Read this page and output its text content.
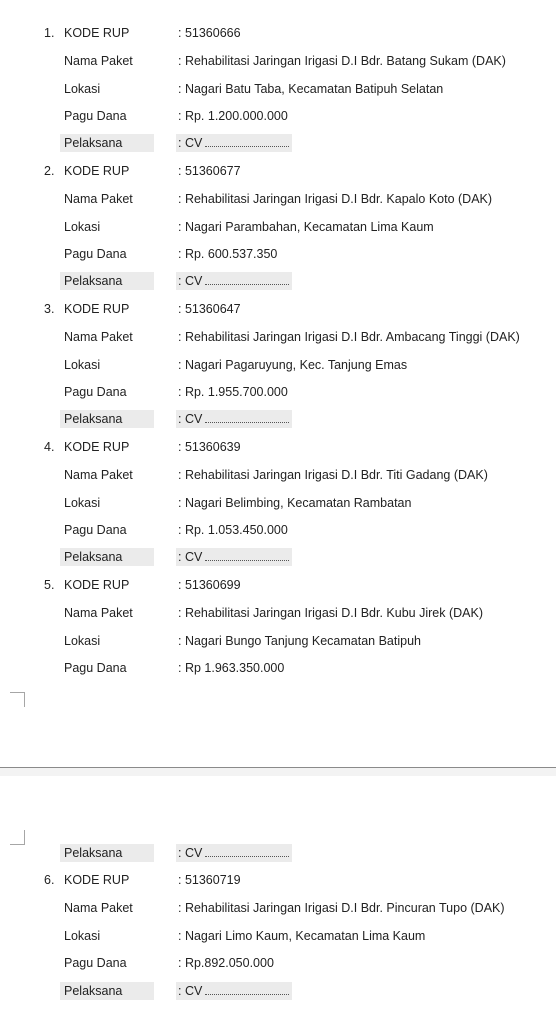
1. KODE RUP	: 51360666
Nama Paket	: Rehabilitasi Jaringan Irigasi D.I Bdr. Batang Sukam (DAK)
Lokasi	: Nagari Batu Taba, Kecamatan Batipuh Selatan
Pagu Dana	: Rp. 1.200.000.000
Pelaksana	: CV
2. KODE RUP	: 51360677
Nama Paket	: Rehabilitasi Jaringan Irigasi D.I Bdr. Kapalo Koto (DAK)
Lokasi	: Nagari Parambahan, Kecamatan Lima Kaum
Pagu Dana	: Rp. 600.537.350
Pelaksana	: CV
3. KODE RUP	: 51360647
Nama Paket	: Rehabilitasi Jaringan Irigasi D.I Bdr. Ambacang Tinggi (DAK)
Lokasi	: Nagari Pagaruyung, Kec. Tanjung Emas
Pagu Dana	: Rp. 1.955.700.000
Pelaksana	: CV
4. KODE RUP	: 51360639
Nama Paket	: Rehabilitasi Jaringan Irigasi D.I Bdr. Titi Gadang (DAK)
Lokasi	: Nagari Belimbing, Kecamatan Rambatan
Pagu Dana	: Rp. 1.053.450.000
Pelaksana	: CV
5. KODE RUP	: 51360699
Nama Paket	: Rehabilitasi Jaringan Irigasi D.I Bdr. Kubu Jirek (DAK)
Lokasi	: Nagari Bungo Tanjung Kecamatan Batipuh
Pagu Dana	: Rp 1.963.350.000
Pelaksana	: CV
6. KODE RUP	: 51360719
Nama Paket	: Rehabilitasi Jaringan Irigasi D.I Bdr. Pincuran Tupo (DAK)
Lokasi	: Nagari Limo Kaum, Kecamatan Lima Kaum
Pagu Dana	: Rp.892.050.000
Pelaksana	: CV
